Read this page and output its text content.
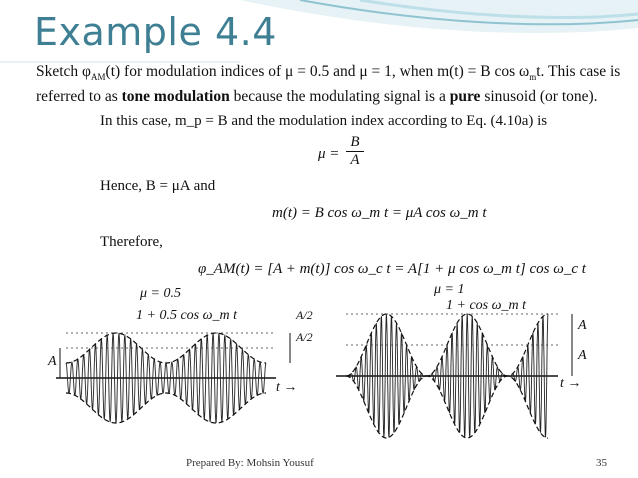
Example 4.4
Sketch $\varphi_{AM}(t)$ for modulation indices of μ = 0.5 and μ = 1, when m(t) = B $\cos \omega_mt$. This case is referred to as tone modulation because the modulating signal is a pure sinusoid (or tone).
In this case, m_p = B and the modulation index according to Eq. (4.10a) is
$\mu = \frac{B}{A}$
Hence, B = μA and
m(t) = B cos ω_m t = μA cos ω_m t
Therefore,
φ_AM(t) = [A + m(t)] cos ω_c t = A[1 + μ cos ω_m t] cos ω_c t
μ = 0.5
1 + 0.5 cos ω_m t
A
A/2
A/2
t →
μ = 1
1 + cos ω_m t
A
A
t →
Prepared By: Mohsin Yousuf	35
